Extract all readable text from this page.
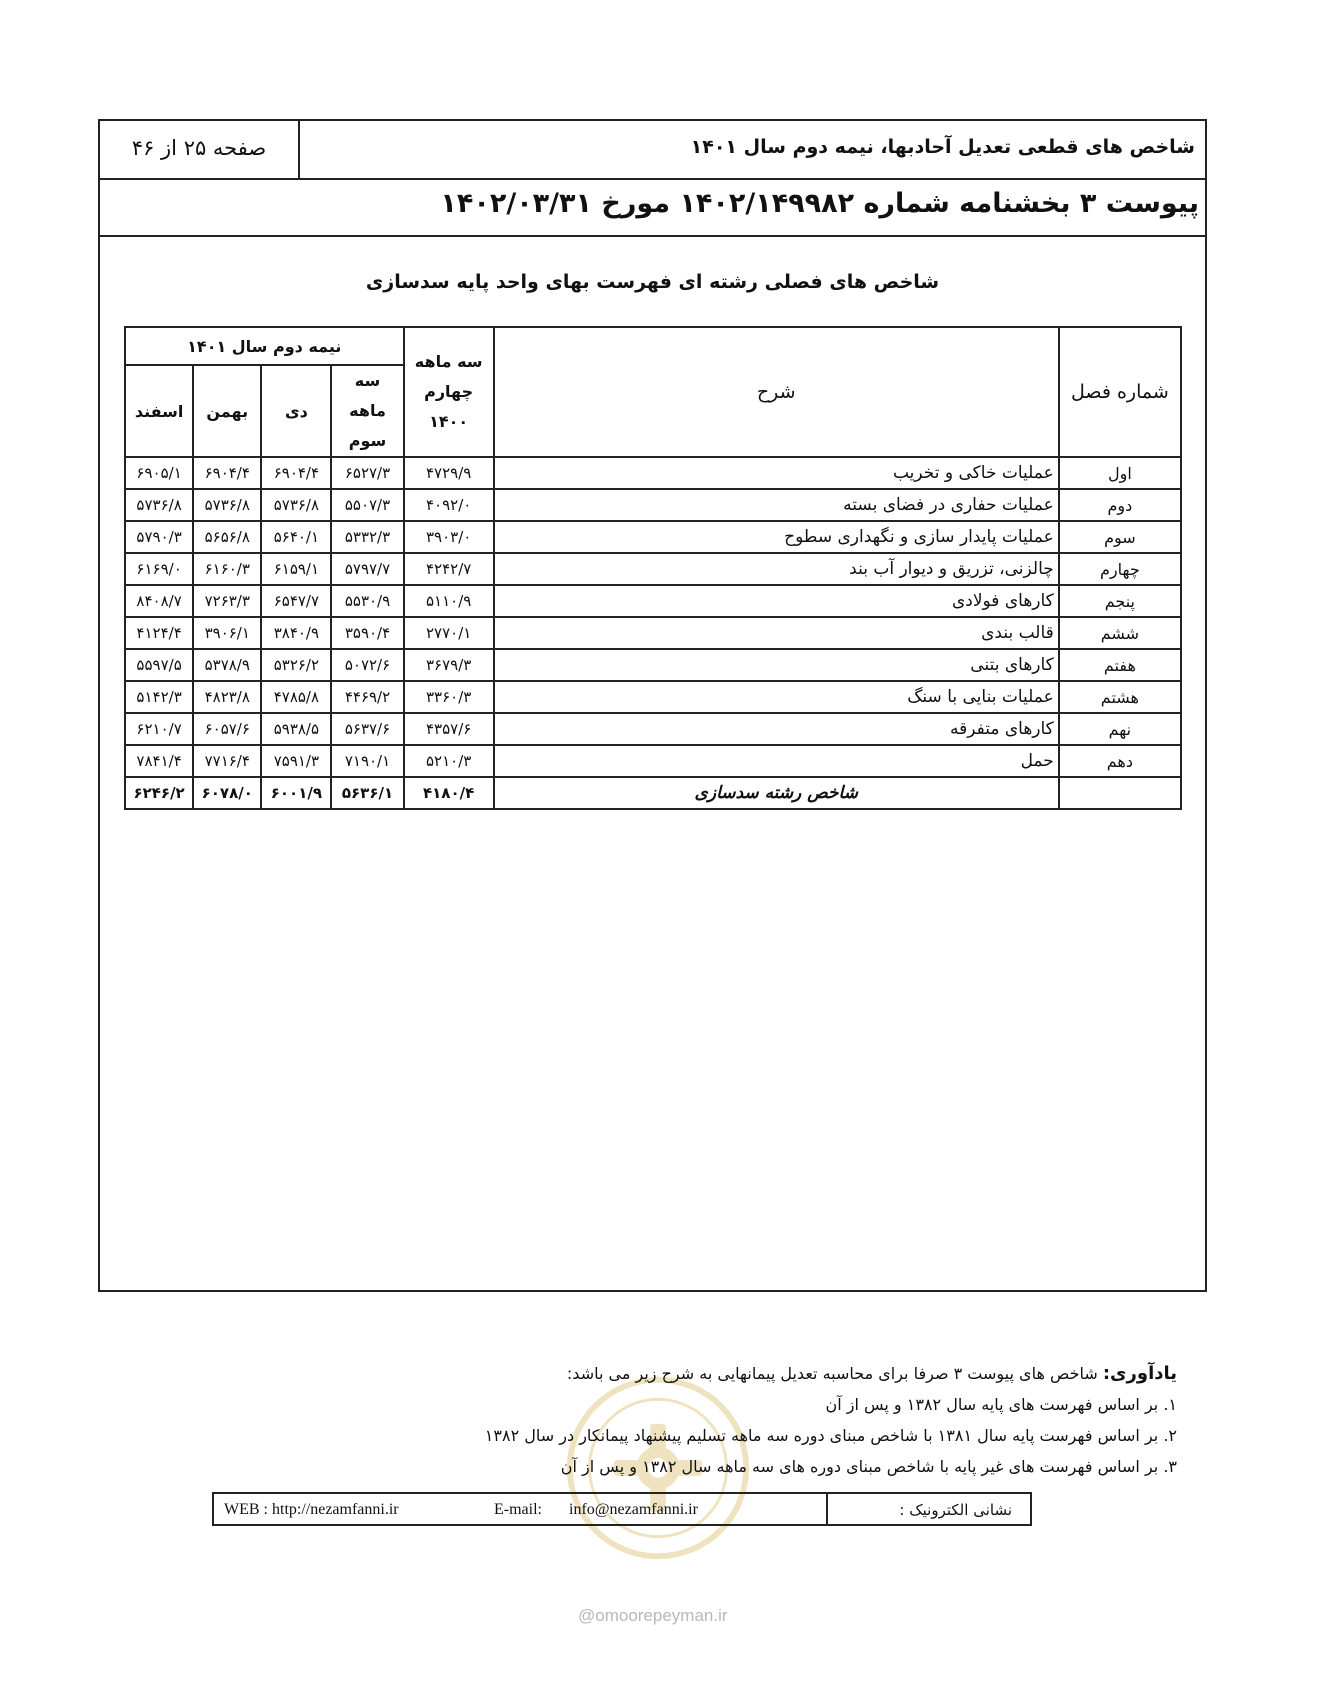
شاخص های قطعی تعدیل آحادبها، نیمه دوم سال ۱۴۰۱
صفحه ۲۵ از ۴۶
پیوست ۳ بخشنامه شماره ۱۴۰۲/۱۴۹۹۸۲ مورخ ۱۴۰۲/۰۳/۳۱
شاخص های فصلی رشته ای فهرست بهای واحد پایه سدسازی
شماره فصل	شرح	سه ماهه چهارم ۱۴۰۰	نیمه دوم سال ۱۴۰۱			
			سه ماهه سوم	دی	بهمن	اسفند
اول	عملیات خاکی و تخریب	۴۷۲۹/۹	۶۵۲۷/۳	۶۹۰۴/۴	۶۹۰۴/۴	۶۹۰۵/۱
دوم	عملیات حفاری در فضای بسته	۴۰۹۲/۰	۵۵۰۷/۳	۵۷۳۶/۸	۵۷۳۶/۸	۵۷۳۶/۸
سوم	عملیات پایدار سازی و نگهداری سطوح	۳۹۰۳/۰	۵۳۳۲/۳	۵۶۴۰/۱	۵۶۵۶/۸	۵۷۹۰/۳
چهارم	چالزنی، تزریق و دیوار آب بند	۴۲۴۲/۷	۵۷۹۷/۷	۶۱۵۹/۱	۶۱۶۰/۳	۶۱۶۹/۰
پنجم	کارهای فولادی	۵۱۱۰/۹	۵۵۳۰/۹	۶۵۴۷/۷	۷۲۶۳/۳	۸۴۰۸/۷
ششم	قالب بندی	۲۷۷۰/۱	۳۵۹۰/۴	۳۸۴۰/۹	۳۹۰۶/۱	۴۱۲۴/۴
هفتم	کارهای بتنی	۳۶۷۹/۳	۵۰۷۲/۶	۵۳۲۶/۲	۵۳۷۸/۹	۵۵۹۷/۵
هشتم	عملیات بنایی با سنگ	۳۳۶۰/۳	۴۴۶۹/۲	۴۷۸۵/۸	۴۸۲۳/۸	۵۱۴۲/۳
نهم	کارهای متفرقه	۴۳۵۷/۶	۵۶۳۷/۶	۵۹۳۸/۵	۶۰۵۷/۶	۶۲۱۰/۷
دهم	حمل	۵۲۱۰/۳	۷۱۹۰/۱	۷۵۹۱/۳	۷۷۱۶/۴	۷۸۴۱/۴
	شاخص رشته سدسازی	۴۱۸۰/۴	۵۶۳۶/۱	۶۰۰۱/۹	۶۰۷۸/۰	۶۲۴۶/۲
یادآوری: شاخص های پیوست ۳ صرفا برای محاسبه تعدیل پیمانهایی به شرح زیر می باشد:
۱. بر اساس فهرست های پایه سال ۱۳۸۲ و پس از آن
۲. بر اساس فهرست پایه سال ۱۳۸۱ با شاخص مبنای دوره سه ماهه تسلیم پیشنهاد پیمانکار در سال ۱۳۸۲
۳. بر اساس فهرست های غیر پایه با شاخص مبنای دوره های سه ماهه سال ۱۳۸۲ و پس از آن
WEB : http://nezamfanni.ir	E-mail: info@nezamfanni.ir	نشانی الکترونیک :
@omoorepeyman.ir
